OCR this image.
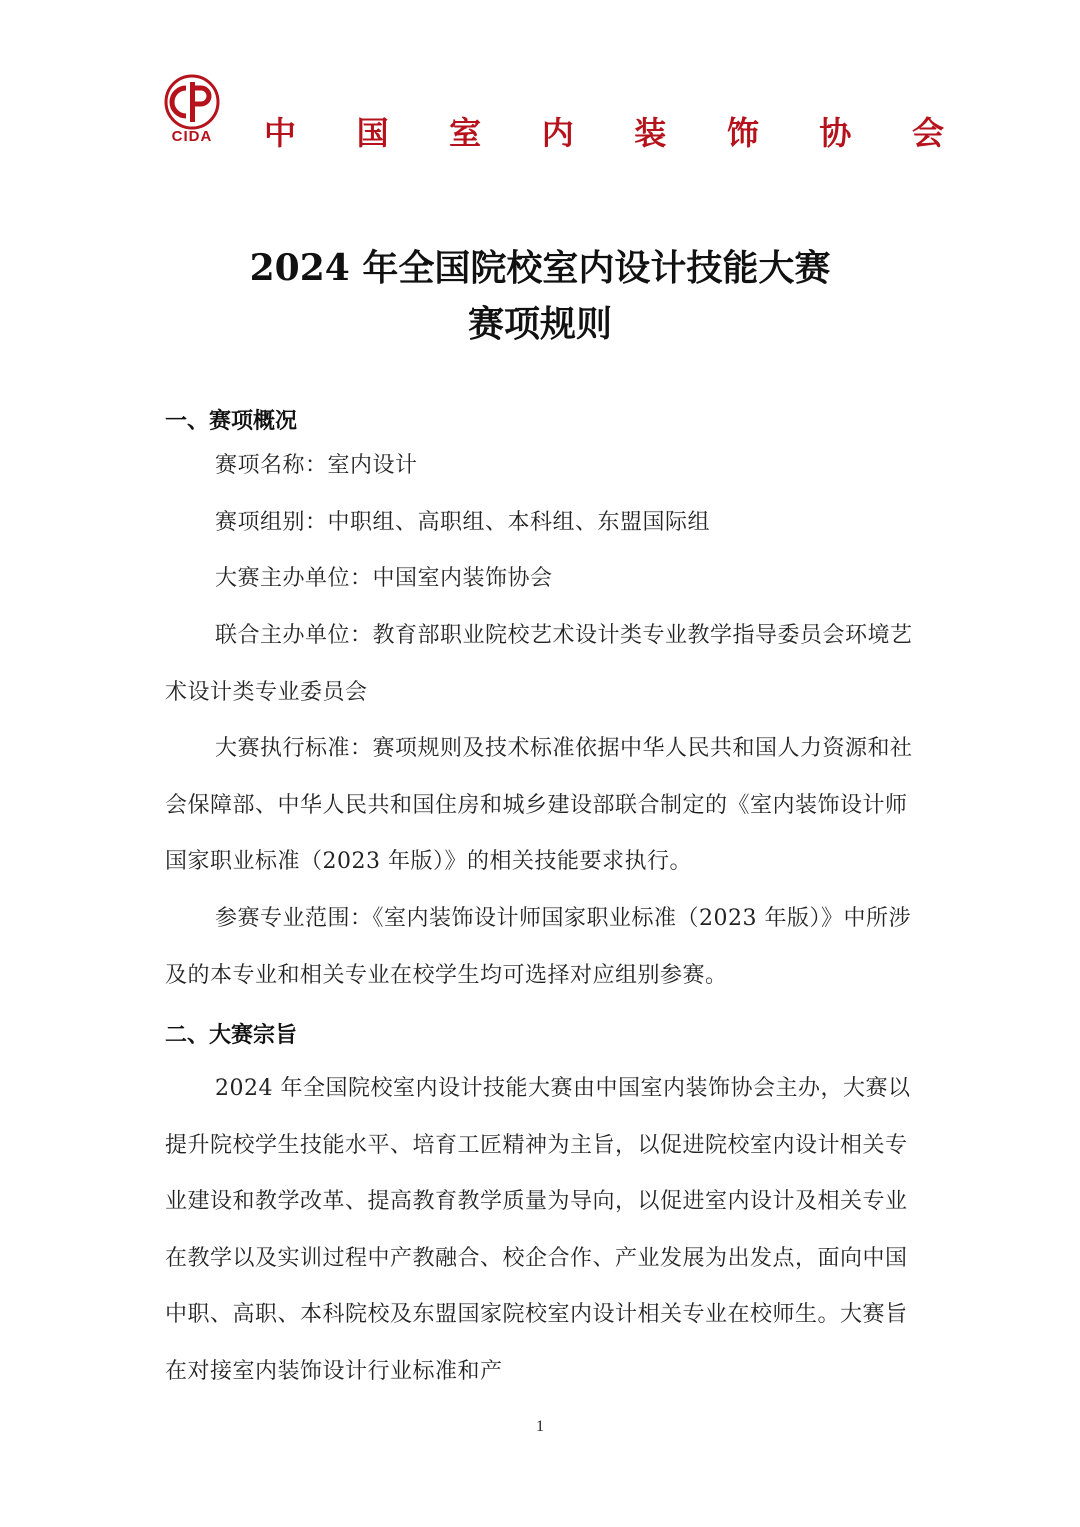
CIDA	中 国 室 内 装 饰 协 会
2024 年全国院校室内设计技能大赛
赛项规则
一、赛项概况
赛项名称：室内设计
赛项组别：中职组、高职组、本科组、东盟国际组
大赛主办单位：中国室内装饰协会
联合主办单位：教育部职业院校艺术设计类专业教学指导委员会环境艺术设计类专业委员会
大赛执行标准：赛项规则及技术标准依据中华人民共和国人力资源和社会保障部、中华人民共和国住房和城乡建设部联合制定的《室内装饰设计师国家职业标准（2023 年版）》的相关技能要求执行。
参赛专业范围：《室内装饰设计师国家职业标准（2023 年版）》中所涉及的本专业和相关专业在校学生均可选择对应组别参赛。
二、大赛宗旨
2024 年全国院校室内设计技能大赛由中国室内装饰协会主办，大赛以提升院校学生技能水平、培育工匠精神为主旨，以促进院校室内设计相关专业建设和教学改革、提高教育教学质量为导向，以促进室内设计及相关专业在教学以及实训过程中产教融合、校企合作、产业发展为出发点，面向中国中职、高职、本科院校及东盟国家院校室内设计相关专业在校师生。大赛旨在对接室内装饰设计行业标准和产
1
